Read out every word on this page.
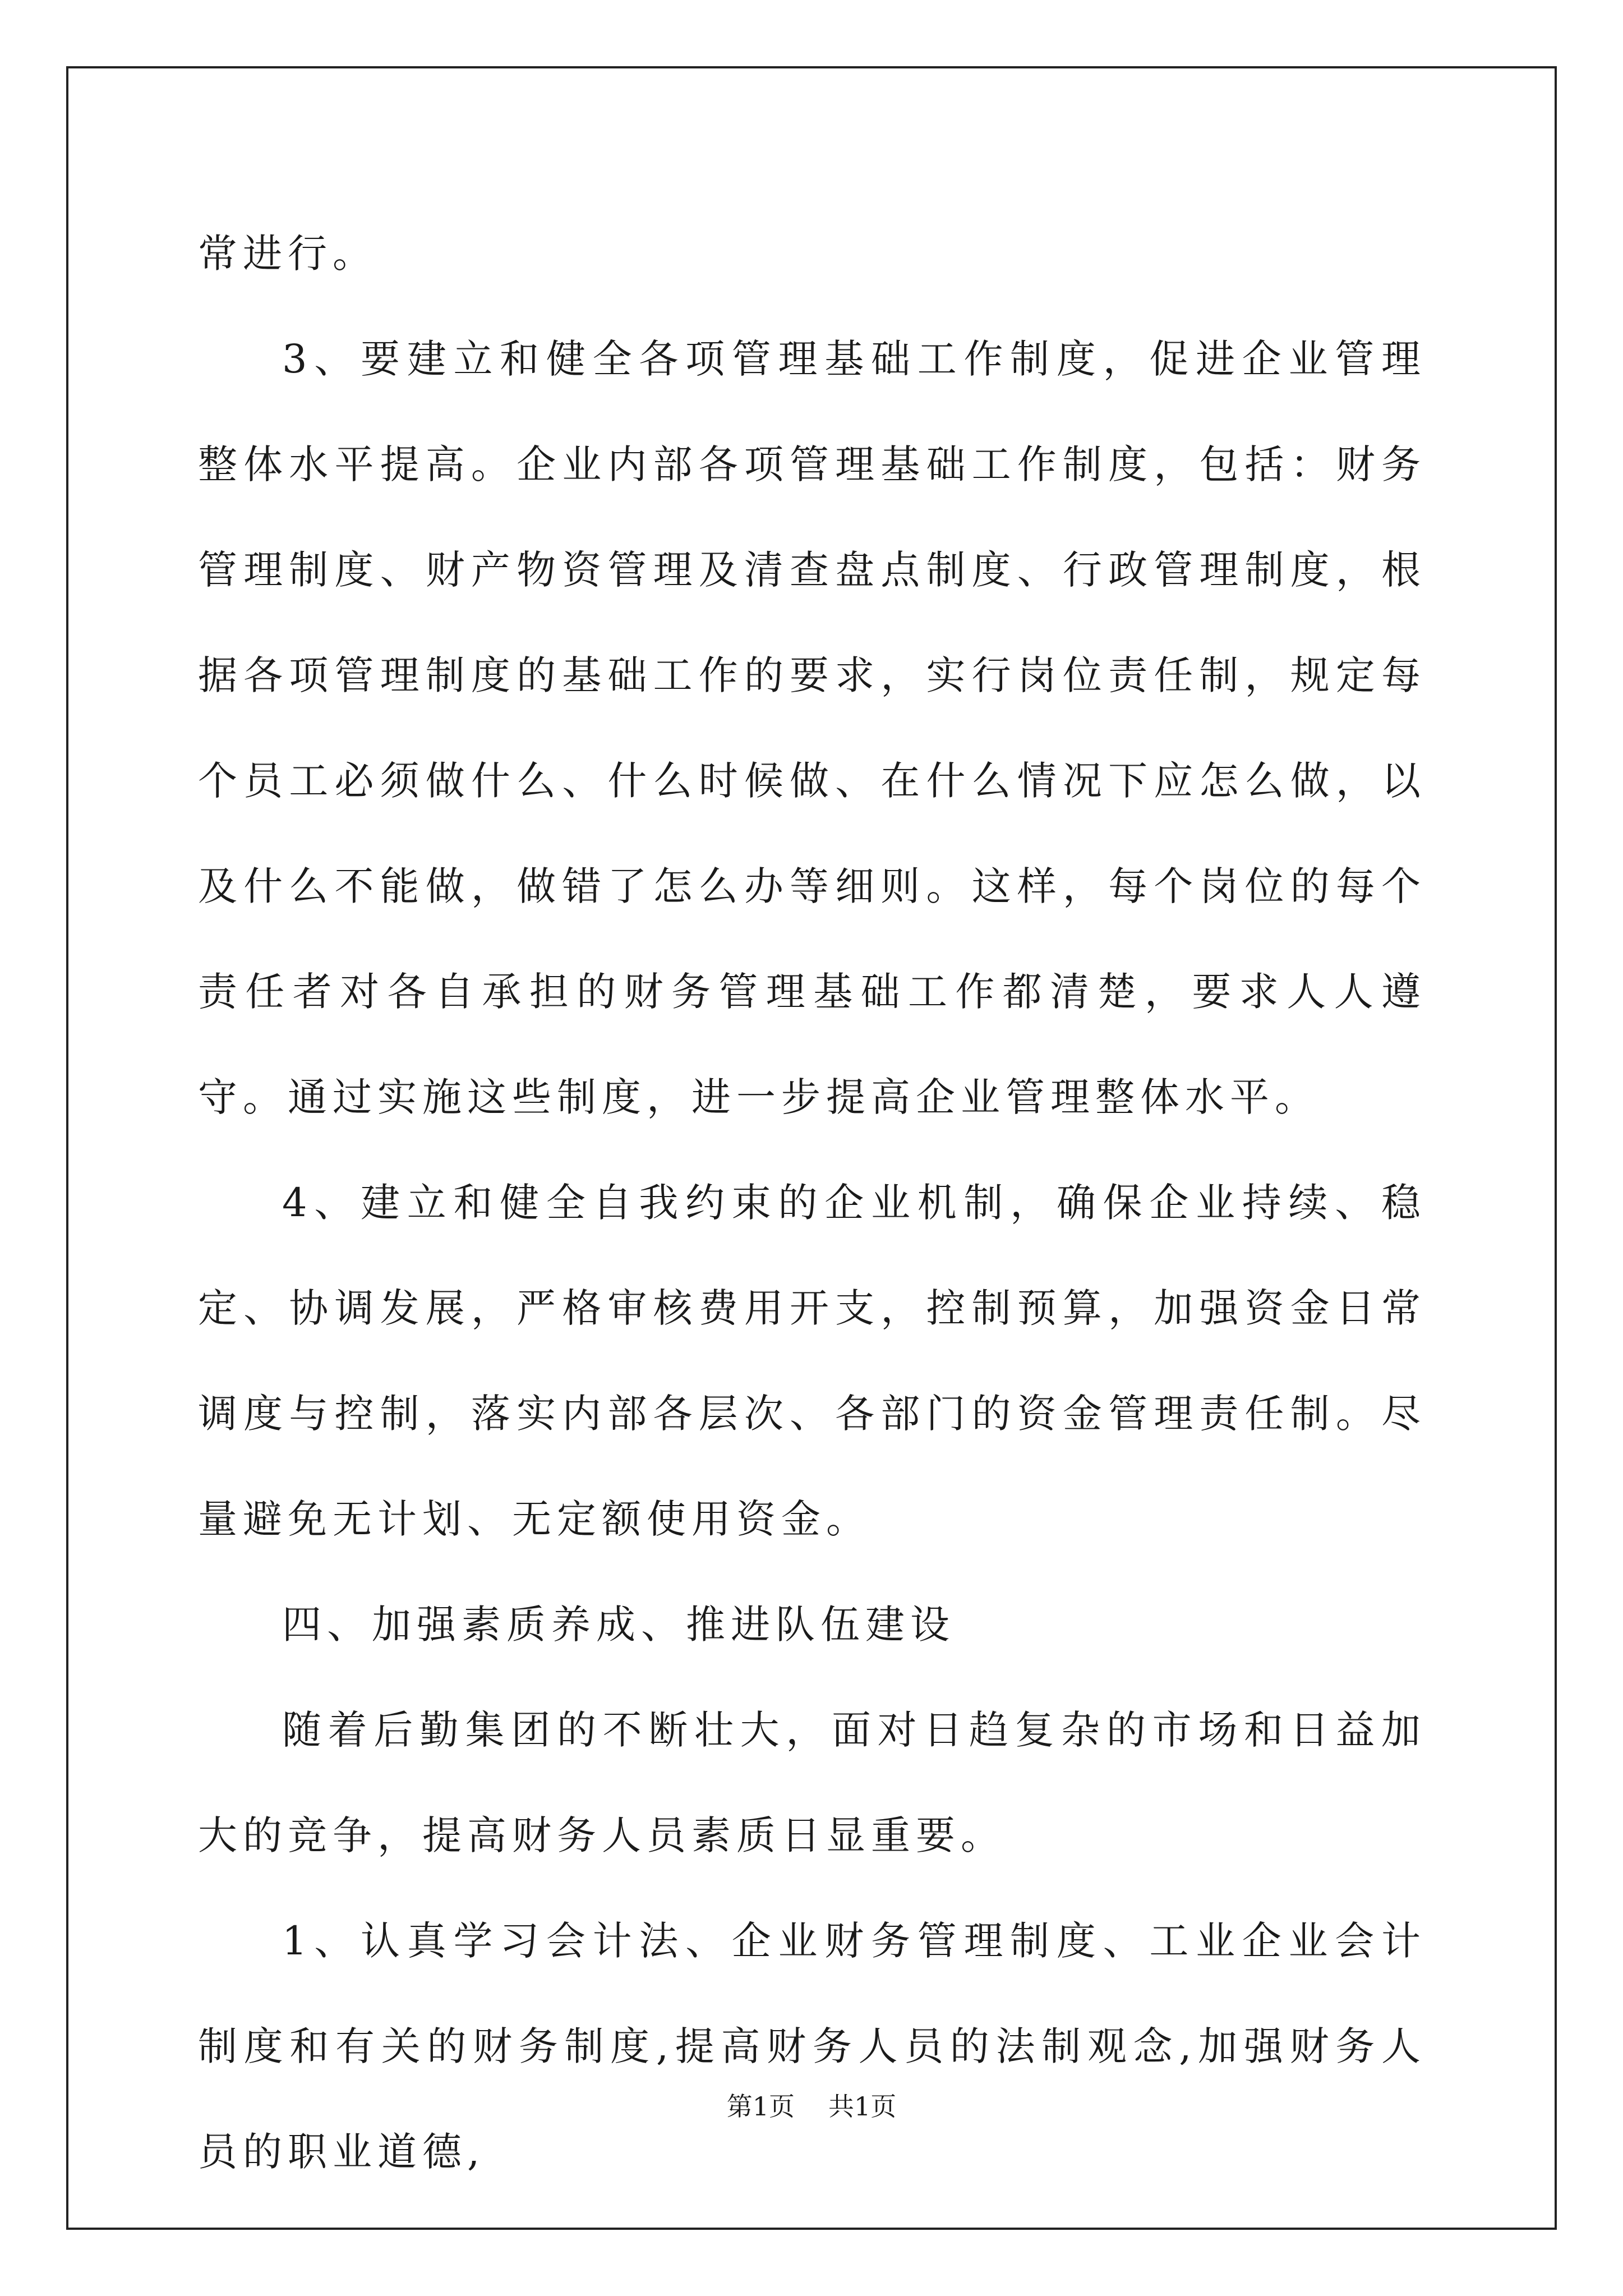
常进行。

3、要建立和健全各项管理基础工作制度，促进企业管理整体水平提高。企业内部各项管理基础工作制度，包括：财务管理制度、财产物资管理及清查盘点制度、行政管理制度，根据各项管理制度的基础工作的要求，实行岗位责任制，规定每个员工必须做什么、什么时候做、在什么情况下应怎么做，以及什么不能做，做错了怎么办等细则。这样，每个岗位的每个责任者对各自承担的财务管理基础工作都清楚，要求人人遵守。通过实施这些制度，进一步提高企业管理整体水平。

4、建立和健全自我约束的企业机制，确保企业持续、稳定、协调发展，严格审核费用开支，控制预算，加强资金日常调度与控制，落实内部各层次、各部门的资金管理责任制。尽量避免无计划、无定额使用资金。

四、加强素质养成、推进队伍建设

随着后勤集团的不断壮大，面对日趋复杂的市场和日益加大的竞争，提高财务人员素质日显重要。

1、认真学习会计法、企业财务管理制度、工业企业会计制度和有关的财务制度,提高财务人员的法制观念,加强财务人员的职业道德,

第1页 共1页
